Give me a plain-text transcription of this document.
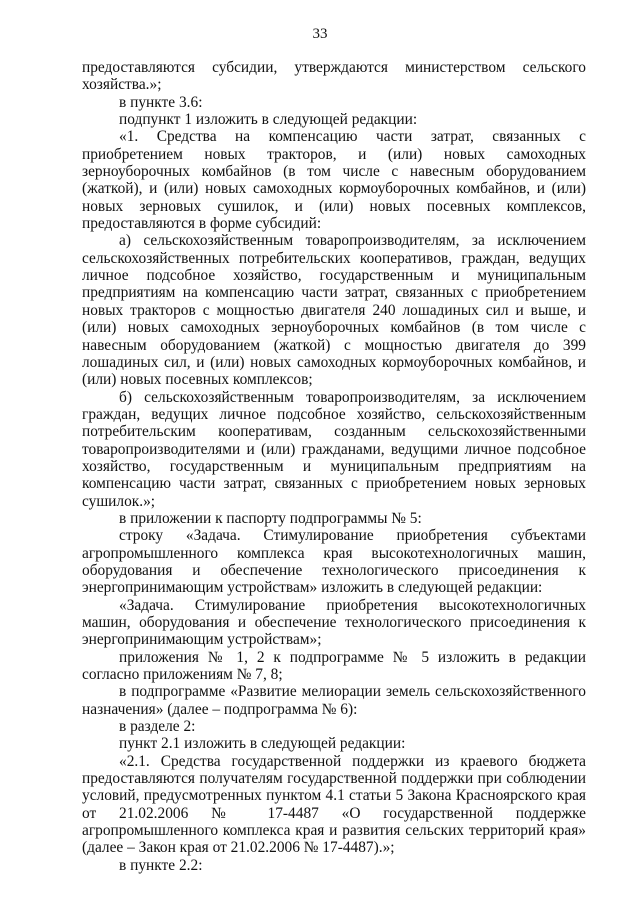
33

предоставляются субсидии, утверждаются министерством сельского хозяйства.»;

в пункте 3.6:

подпункт 1 изложить в следующей редакции:

«1. Средства на компенсацию части затрат, связанных с приобретением новых тракторов, и (или) новых самоходных зерноуборочных комбайнов (в том числе с навесным оборудованием (жаткой), и (или) новых самоходных кормоуборочных комбайнов, и (или) новых зерновых сушилок, и (или) новых посевных комплексов, предоставляются в форме субсидий:

а) сельскохозяйственным товаропроизводителям, за исключением сельскохозяйственных потребительских кооперативов, граждан, ведущих личное подсобное хозяйство, государственным и муниципальным предприятиям на компенсацию части затрат, связанных с приобретением новых тракторов с мощностью двигателя 240 лошадиных сил и выше, и (или) новых самоходных зерноуборочных комбайнов (в том числе с навесным оборудованием (жаткой) с мощностью двигателя до 399 лошадиных сил, и (или) новых самоходных кормоуборочных комбайнов, и (или) новых посевных комплексов;

б) сельскохозяйственным товаропроизводителям, за исключением граждан, ведущих личное подсобное хозяйство, сельскохозяйственным потребительским кооперативам, созданным сельскохозяйственными товаропроизводителями и (или) гражданами, ведущими личное подсобное хозяйство, государственным и муниципальным предприятиям на компенсацию части затрат, связанных с приобретением новых зерновых сушилок.»;

в приложении к паспорту подпрограммы № 5:

строку «Задача. Стимулирование приобретения субъектами агропромышленного комплекса края высокотехнологичных машин, оборудования и обеспечение технологического присоединения к энергопринимающим устройствам» изложить в следующей редакции:

«Задача. Стимулирование приобретения высокотехнологичных машин, оборудования и обеспечение технологического присоединения к энергопринимающим устройствам»;

приложения № 1, 2 к подпрограмме № 5 изложить в редакции согласно приложениям № 7, 8;

в подпрограмме «Развитие мелиорации земель сельскохозяйственного назначения» (далее – подпрограмма № 6):

в разделе 2:

пункт 2.1 изложить в следующей редакции:

«2.1. Средства государственной поддержки из краевого бюджета предоставляются получателям государственной поддержки при соблюдении условий, предусмотренных пунктом 4.1 статьи 5 Закона Красноярского края от 21.02.2006 № 17-4487 «О государственной поддержке агропромышленного комплекса края и развития сельских территорий края» (далее – Закон края от 21.02.2006 № 17-4487).»;

в пункте 2.2:
